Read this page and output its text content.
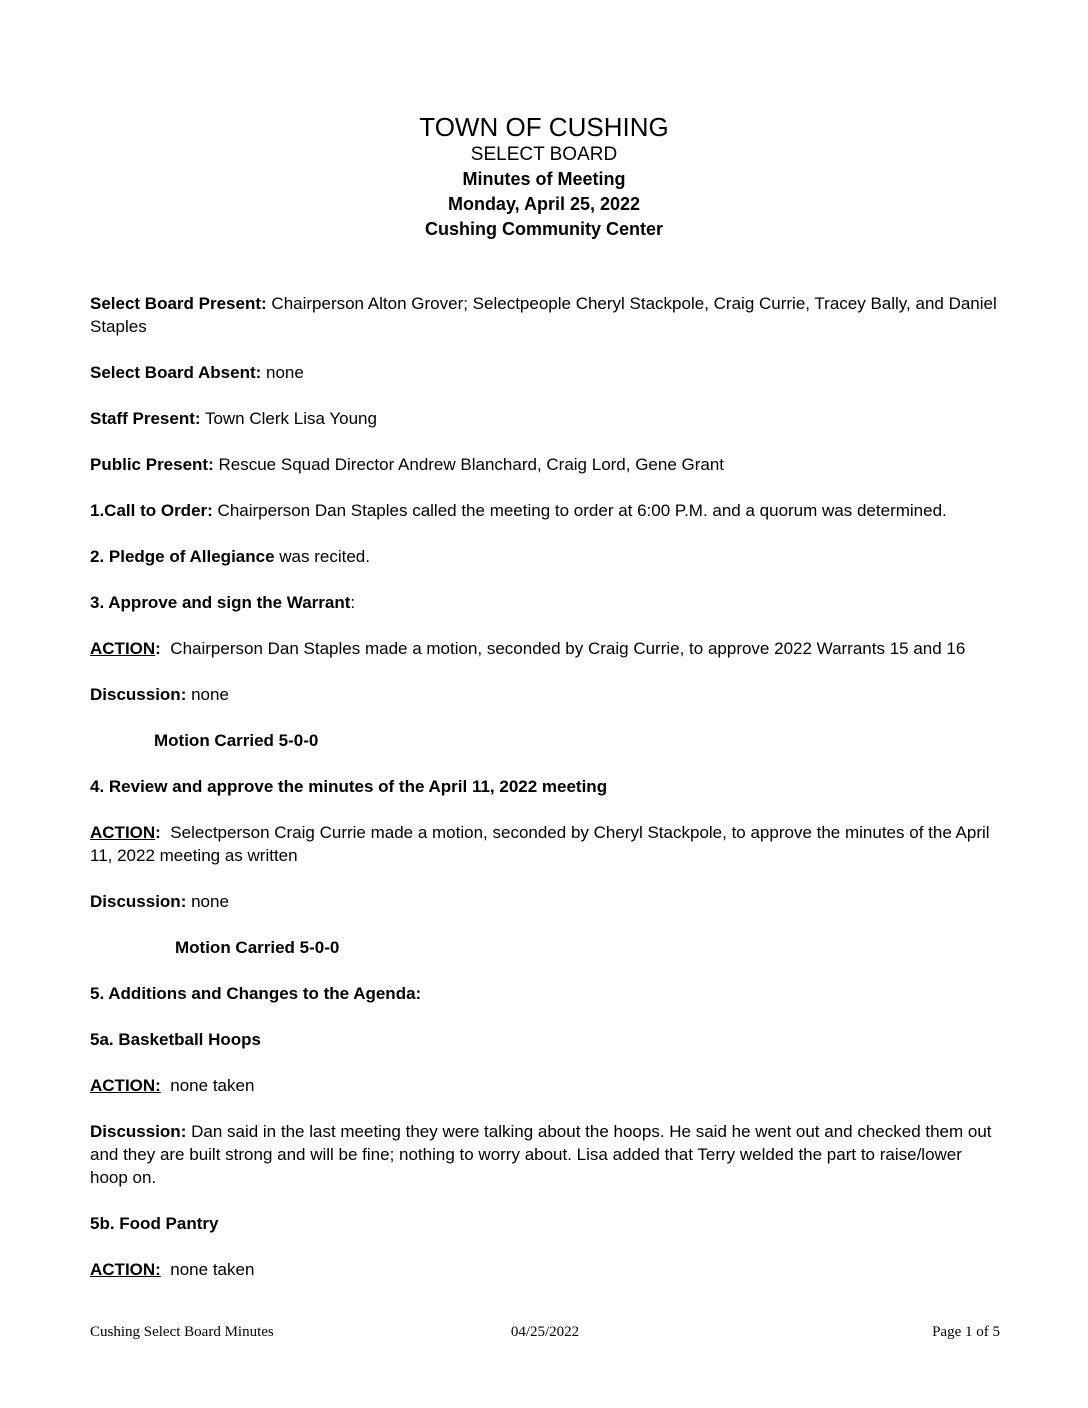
TOWN OF CUSHING
SELECT BOARD
Minutes of Meeting
Monday, April 25, 2022
Cushing Community Center

Select Board Present: Chairperson Alton Grover; Selectpeople Cheryl Stackpole, Craig Currie, Tracey Bally, and Daniel Staples

Select Board Absent: none

Staff Present: Town Clerk Lisa Young

Public Present: Rescue Squad Director Andrew Blanchard, Craig Lord, Gene Grant

1.Call to Order: Chairperson Dan Staples called the meeting to order at 6:00 P.M. and a quorum was determined.

2. Pledge of Allegiance was recited.

3. Approve and sign the Warrant:

ACTION:  Chairperson Dan Staples made a motion, seconded by Craig Currie, to approve 2022 Warrants 15 and 16

Discussion: none

Motion Carried 5-0-0

4. Review and approve the minutes of the April 11, 2022 meeting

ACTION:  Selectperson Craig Currie made a motion, seconded by Cheryl Stackpole, to approve the minutes of the April 11, 2022 meeting as written

Discussion: none

Motion Carried 5-0-0

5. Additions and Changes to the Agenda:

5a. Basketball Hoops

ACTION:  none taken

Discussion: Dan said in the last meeting they were talking about the hoops. He said he went out and checked them out and they are built strong and will be fine; nothing to worry about. Lisa added that Terry welded the part to raise/lower hoop on.

5b. Food Pantry

ACTION:  none taken

Cushing Select Board Minutes	04/25/2022	Page 1 of 5
